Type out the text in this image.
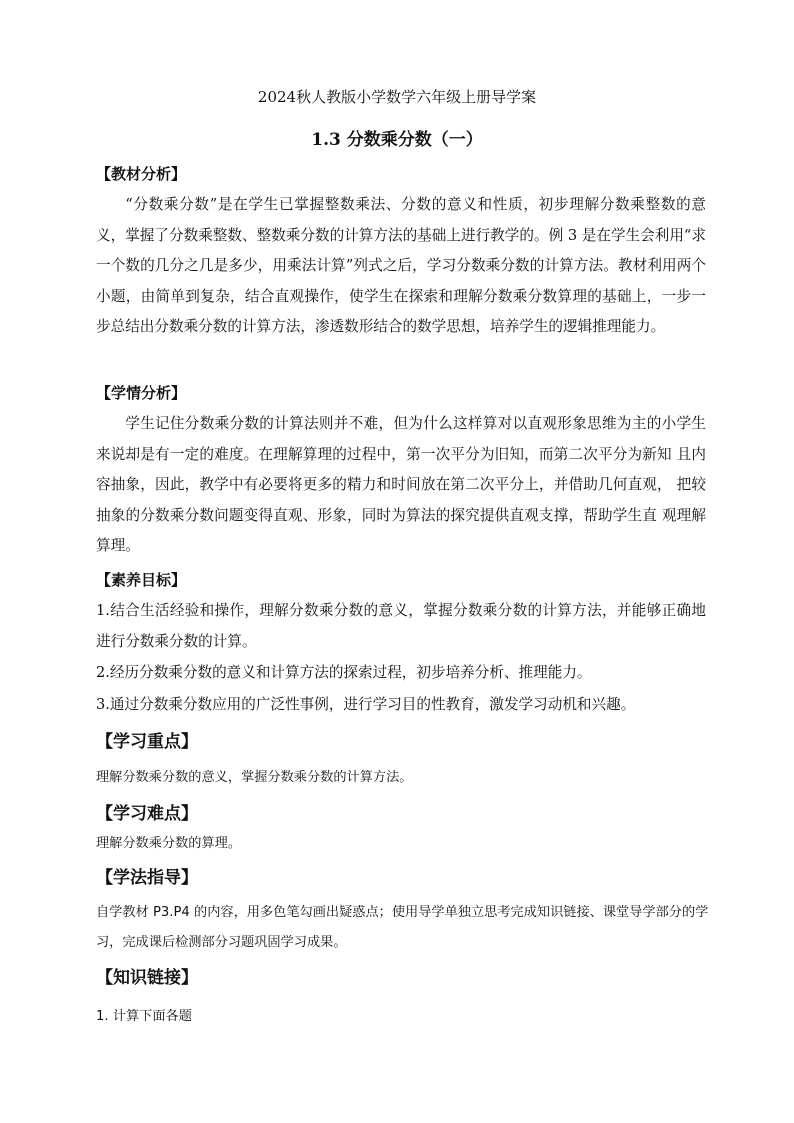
2024秋人教版小学数学六年级上册导学案
1.3 分数乘分数（一）
【教材分析】

“分数乘分数”是在学生已掌握整数乘法、分数的意义和性质，初步理解分数乘整数的意义，掌握了分数乘整数、整数乘分数的计算方法的基础上进行教学的。例 3 是在学生会利用“求一个数的几分之几是多少，用乘法计算”列式之后，学习分数乘分数的计算方法。教材利用两个小题，由简单到复杂，结合直观操作，使学生在探索和理解分数乘分数算理的基础上，一步一步总结出分数乘分数的计算方法，渗透数形结合的数学思想，培养学生的逻辑推理能力。

【学情分析】

学生记住分数乘分数的计算法则并不难，但为什么这样算对以直观形象思维为主的小学生来说却是有一定的难度。在理解算理的过程中，第一次平分为旧知，而第二次平分为新知 且内容抽象，因此，教学中有必要将更多的精力和时间放在第二次平分上，并借助几何直观， 把较抽象的分数乘分数问题变得直观、形象，同时为算法的探究提供直观支撑，帮助学生直 观理解算理。

【素养目标】

1.结合生活经验和操作，理解分数乘分数的意义，掌握分数乘分数的计算方法，并能够正确地进行分数乘分数的计算。

2.经历分数乘分数的意义和计算方法的探索过程，初步培养分析、推理能力。

3.通过分数乘分数应用的广泛性事例，进行学习目的性教育，激发学习动机和兴趣。

【学习重点】

理解分数乘分数的意义，掌握分数乘分数的计算方法。

【学习难点】

理解分数乘分数的算理。

【学法指导】

自学教材 P3.P4 的内容，用多色笔勾画出疑惑点；使用导学单独立思考完成知识链接、课堂导学部分的学习，完成课后检测部分习题巩固学习成果。

【知识链接】

1. 计算下面各题
